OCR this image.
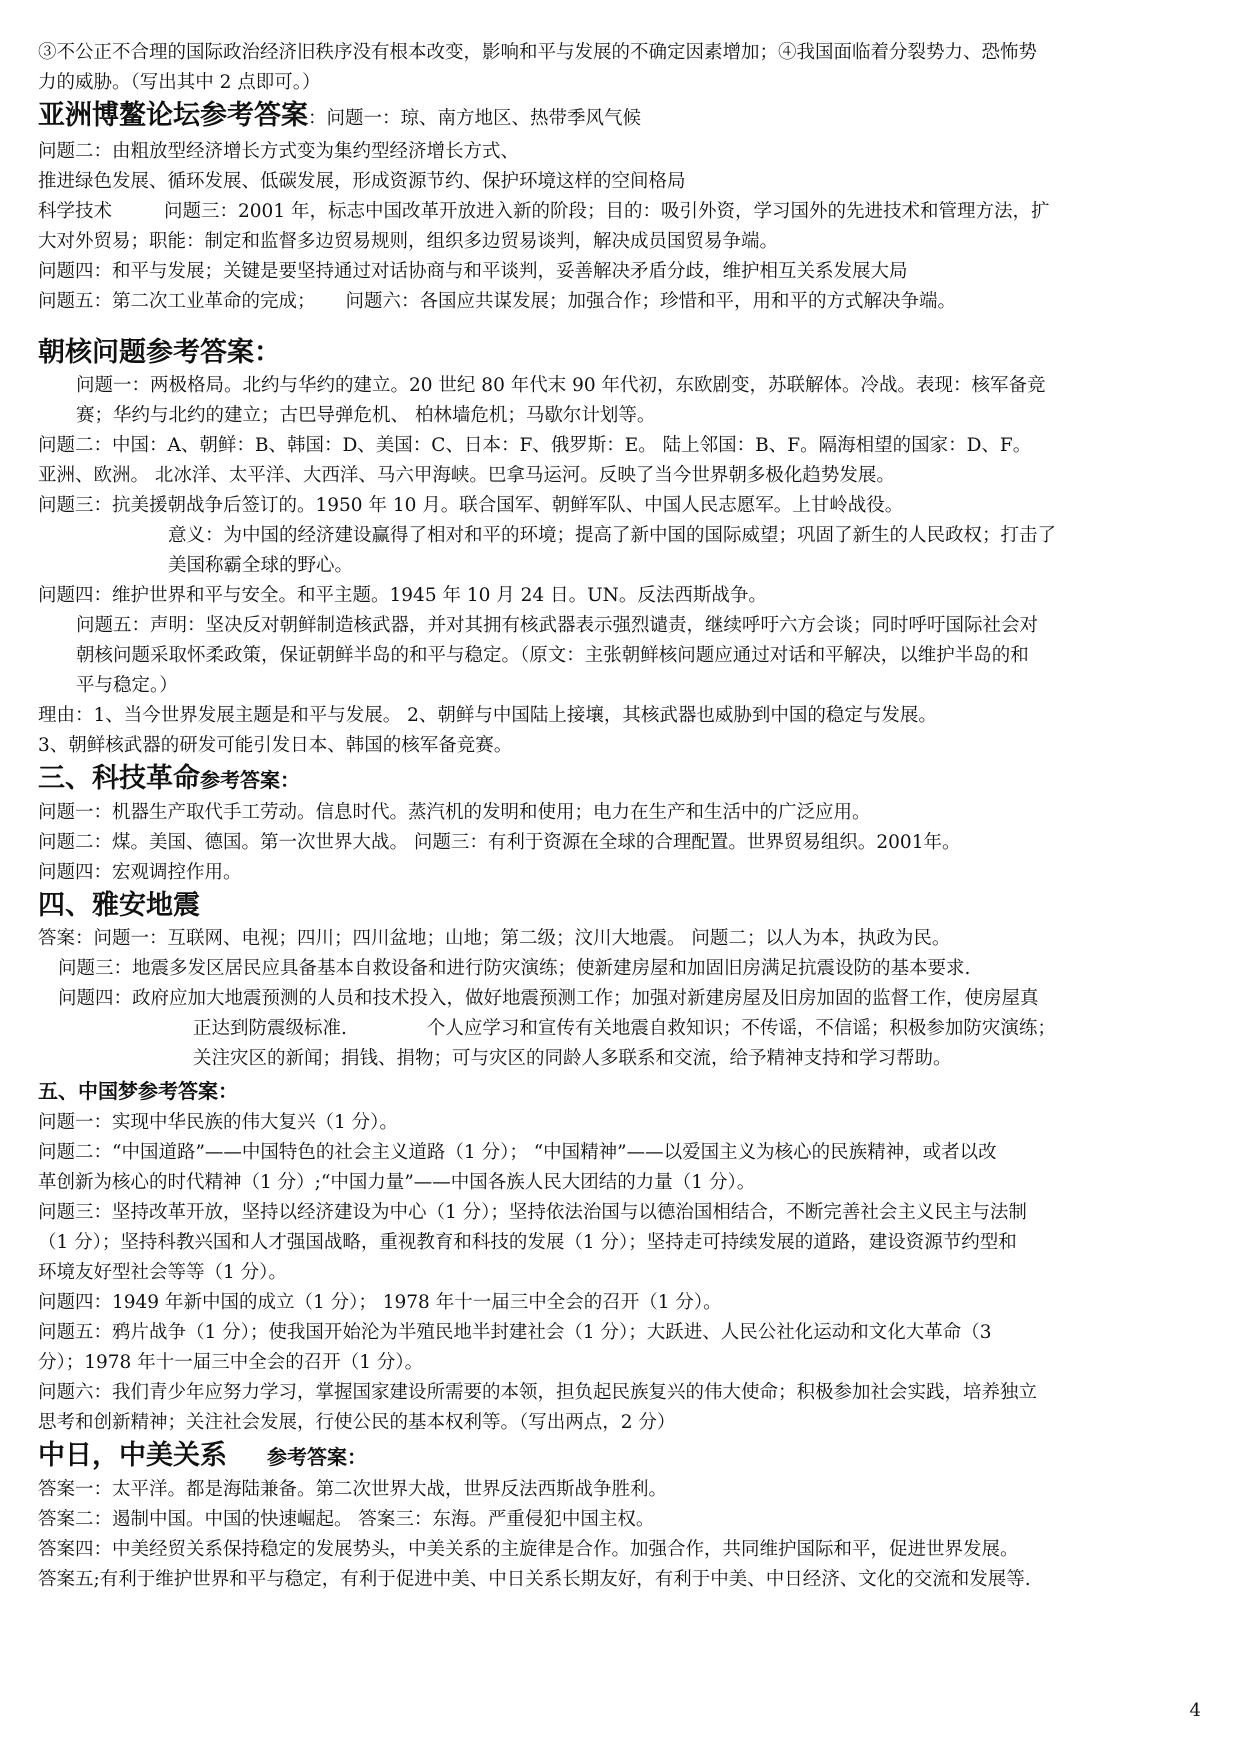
③不公正不合理的国际政治经济旧秩序没有根本改变，影响和平与发展的不确定因素增加；④我国面临着分裂势力、恐怖势
力的威胁。（写出其中 2 点即可。）
亚洲博鳌论坛参考答案：问题一：琼、南方地区、热带季风气候
问题二：由粗放型经济增长方式变为集约型经济增长方式、
推进绿色发展、循环发展、低碳发展，形成资源节约、保护环境这样的空间格局
科学技术	问题三：2001 年，标志中国改革开放进入新的阶段；目的：吸引外资，学习国外的先进技术和管理方法，扩
大对外贸易；职能：制定和监督多边贸易规则，组织多边贸易谈判，解决成员国贸易争端。
问题四：和平与发展；关键是要坚持通过对话协商与和平谈判，妥善解决矛盾分歧，维护相互关系发展大局
问题五：第二次工业革命的完成； 问题六：各国应共谋发展；加强合作；珍惜和平，用和平的方式解决争端。
朝核问题参考答案：
问题一：两极格局。北约与华约的建立。20 世纪 80 年代末 90 年代初，东欧剧变，苏联解体。冷战。表现：核军备竞
赛；华约与北约的建立；古巴导弹危机、 柏林墙危机；马歇尔计划等。
问题二：中国：A、朝鲜：B、韩国：D、美国：C、日本：F、俄罗斯：E。 陆上邻国：B、F。隔海相望的国家：D、F。
亚洲、欧洲。 北冰洋、太平洋、大西洋、马六甲海峡。巴拿马运河。反映了当今世界朝多极化趋势发展。
问题三：抗美援朝战争后签订的。1950 年 10 月。联合国军、朝鲜军队、中国人民志愿军。上甘岭战役。
意义：为中国的经济建设赢得了相对和平的环境；提高了新中国的国际威望；巩固了新生的人民政权；打击了
美国称霸全球的野心。
问题四：维护世界和平与安全。和平主题。1945 年 10 月 24 日。UN。反法西斯战争。
问题五：声明：坚决反对朝鲜制造核武器，并对其拥有核武器表示强烈谴责，继续呼吁六方会谈；同时呼吁国际社会对
朝核问题采取怀柔政策，保证朝鲜半岛的和平与稳定。（原文：主张朝鲜核问题应通过对话和平解决，以维护半岛的和
平与稳定。）
理由：1、当今世界发展主题是和平与发展。 2、朝鲜与中国陆上接壤，其核武器也威胁到中国的稳定与发展。
3、朝鲜核武器的研发可能引发日本、韩国的核军备竞赛。
三、科技革命参考答案：
问题一：机器生产取代手工劳动。信息时代。蒸汽机的发明和使用；电力在生产和生活中的广泛应用。
问题二：煤。美国、德国。第一次世界大战。 问题三：有利于资源在全球的合理配置。世界贸易组织。2001年。
问题四：宏观调控作用。
四、雅安地震
答案：问题一：互联网、电视；四川；四川盆地；山地；第二级；汶川大地震。 问题二；以人为本，执政为民。
问题三：地震多发区居民应具备基本自救设备和进行防灾演练；使新建房屋和加固旧房满足抗震设防的基本要求.
问题四：政府应加大地震预测的人员和技术投入，做好地震预测工作；加强对新建房屋及旧房加固的监督工作，使房屋真
正达到防震级标准.	个人应学习和宣传有关地震自救知识；不传谣，不信谣；积极参加防灾演练；
关注灾区的新闻；捐钱、捐物；可与灾区的同龄人多联系和交流，给予精神支持和学习帮助。
五、中国梦参考答案：
问题一：实现中华民族的伟大复兴（1 分）。
问题二：“中国道路”——中国特色的社会主义道路（1 分）； “中国精神”——以爱国主义为核心的民族精神，或者以改
革创新为核心的时代精神（1 分）;“中国力量”——中国各族人民大团结的力量（1 分）。
问题三：坚持改革开放，坚持以经济建设为中心（1 分）；坚持依法治国与以德治国相结合，不断完善社会主义民主与法制
（1 分）；坚持科教兴国和人才强国战略，重视教育和科技的发展（1 分）；坚持走可持续发展的道路，建设资源节约型和
环境友好型社会等等（1 分）。
问题四：1949 年新中国的成立（1 分）； 1978 年十一届三中全会的召开（1 分）。
问题五：鸦片战争（1 分）；使我国开始沦为半殖民地半封建社会（1 分）；大跃进、人民公社化运动和文化大革命（3
分）；1978 年十一届三中全会的召开（1 分）。
问题六：我们青少年应努力学习，掌握国家建设所需要的本领，担负起民族复兴的伟大使命；积极参加社会实践，培养独立
思考和创新精神；关注社会发展，行使公民的基本权利等。（写出两点，2 分）
中日，中美关系 参考答案：
答案一：太平洋。都是海陆兼备。第二次世界大战，世界反法西斯战争胜利。
答案二：遏制中国。中国的快速崛起。 答案三：东海。严重侵犯中国主权。
答案四：中美经贸关系保持稳定的发展势头，中美关系的主旋律是合作。加强合作，共同维护国际和平，促进世界发展。
答案五;有利于维护世界和平与稳定，有利于促进中美、中日关系长期友好，有利于中美、中日经济、文化的交流和发展等.
4
